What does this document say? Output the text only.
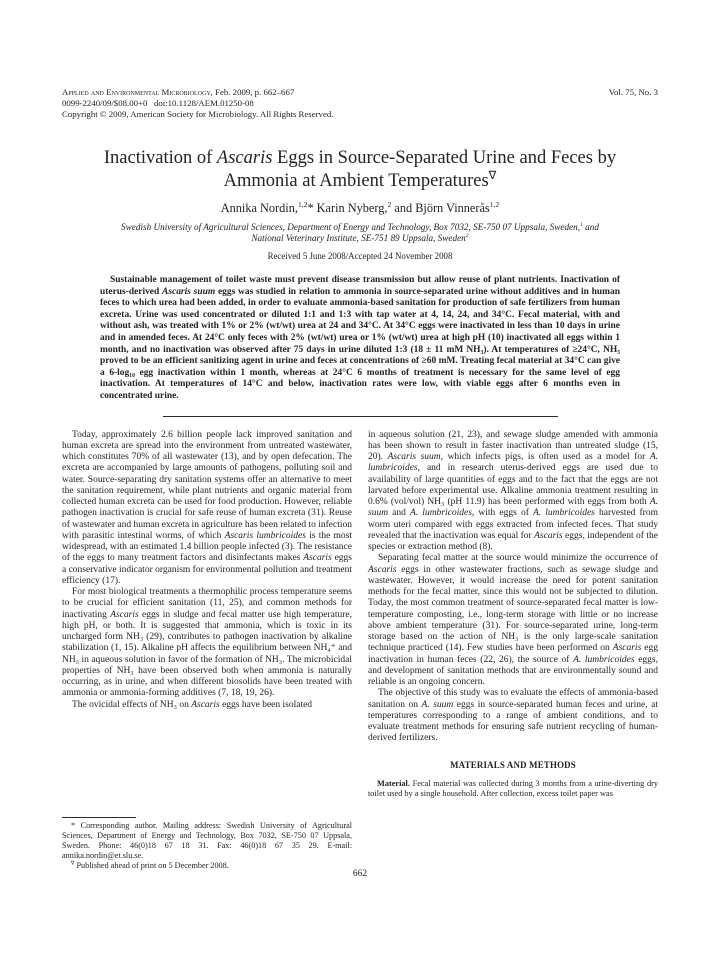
Applied and Environmental Microbiology, Feb. 2009, p. 662–667
0099-2240/09/$08.00+0   doi:10.1128/AEM.01250-08
Copyright © 2009, American Society for Microbiology. All Rights Reserved.
Vol. 75, No. 3
Inactivation of Ascaris Eggs in Source-Separated Urine and Feces by
Ammonia at Ambient Temperatures∇
Annika Nordin,$^{1,2}$* Karin Nyberg,$^2$ and Björn Vinnerås$^{1,2}$
Swedish University of Agricultural Sciences, Department of Energy and Technology, Box 7032, SE-750 07 Uppsala, Sweden,$^1$ and
National Veterinary Institute, SE-751 89 Uppsala, Sweden$^2$
Received 5 June 2008/Accepted 24 November 2008
Sustainable management of toilet waste must prevent disease transmission but allow reuse of plant nutrients. Inactivation of uterus-derived Ascaris suum eggs was studied in relation to ammonia in source-separated urine without additives and in human feces to which urea had been added, in order to evaluate ammonia-based sanitation for production of safe fertilizers from human excreta. Urine was used concentrated or diluted 1:1 and 1:3 with tap water at 4, 14, 24, and 34°C. Fecal material, with and without ash, was treated with 1% or 2% (wt/wt) urea at 24 and 34°C. At 34°C eggs were inactivated in less than 10 days in urine and in amended feces. At 24°C only feces with 2% (wt/wt) urea or 1% (wt/wt) urea at high pH (10) inactivated all eggs within 1 month, and no inactivation was observed after 75 days in urine diluted 1:3 (18 ± 11 mM NH₃). At temperatures of ≥24°C, NH₃ proved to be an efficient sanitizing agent in urine and feces at concentrations of ≥60 mM. Treating fecal material at 34°C can give a 6-log₁₀ egg inactivation within 1 month, whereas at 24°C 6 months of treatment is necessary for the same level of egg inactivation. At temperatures of 14°C and below, inactivation rates were low, with viable eggs after 6 months even in concentrated urine.

Today, approximately 2.6 billion people lack improved sanitation and human excreta are spread into the environment from untreated wastewater, which constitutes 70% of all wastewater (13), and by open defecation. The excreta are accompanied by large amounts of pathogens, polluting soil and water. Source-separating dry sanitation systems offer an alternative to meet the sanitation requirement, while plant nutrients and organic material from collected human excreta can be used for food production. However, reliable pathogen inactivation is crucial for safe reuse of human excreta (31). Reuse of wastewater and human excreta in agriculture has been related to infection with parasitic intestinal worms, of which Ascaris lumbricoides is the most widespread, with an estimated 1.4 billion people infected (3). The resistance of the eggs to many treatment factors and disinfectants makes Ascaris eggs a conservative indicator organism for environmental pollution and treatment efficiency (17).

For most biological treatments a thermophilic process temperature seems to be crucial for efficient sanitation (11, 25), and common methods for inactivating Ascaris eggs in sludge and fecal matter use high temperature, high pH, or both. It is suggested that ammonia, which is toxic in its uncharged form NH₃ (29), contributes to pathogen inactivation by alkaline stabilization (1, 15). Alkaline pH affects the equilibrium between NH₄⁺ and NH₃ in aqueous solution in favor of the formation of NH₃. The microbicidal properties of NH₃ have been observed both when ammonia is naturally occurring, as in urine, and when different biosolids have been treated with ammonia or ammonia-forming additives (7, 18, 19, 26).

The ovicidal effects of NH₃ on Ascaris eggs have been isolated

* Corresponding author. Mailing address: Swedish University of Agricultural Sciences, Department of Energy and Technology, Box 7032, SE-750 07 Uppsala, Sweden. Phone: 46(0)18 67 18 31. Fax: 46(0)18 67 35 29. E-mail: annika.nordin@et.slu.se.

∇ Published ahead of print on 5 December 2008.

in aqueous solution (21, 23), and sewage sludge amended with ammonia has been shown to result in faster inactivation than untreated sludge (15, 20). Ascaris suum, which infects pigs, is often used as a model for A. lumbricoides, and in research uterus-derived eggs are used due to availability of large quantities of eggs and to the fact that the eggs are not larvated before experimental use. Alkaline ammonia treatment resulting in 0.6% (vol/vol) NH₃ (pH 11.9) has been performed with eggs from both A. suum and A. lumbricoides, with eggs of A. lumbricoides harvested from worm uteri compared with eggs extracted from infected feces. That study revealed that the inactivation was equal for Ascaris eggs, independent of the species or extraction method (8).

Separating fecal matter at the source would minimize the occurrence of Ascaris eggs in other wastewater fractions, such as sewage sludge and wastewater. However, it would increase the need for potent sanitation methods for the fecal matter, since this would not be subjected to dilution. Today, the most common treatment of source-separated fecal matter is low-temperature composting, i.e., long-term storage with little or no increase above ambient temperature (31). For source-separated urine, long-term storage based on the action of NH₃ is the only large-scale sanitation technique practiced (14). Few studies have been performed on Ascaris egg inactivation in human feces (22, 26), the source of A. lumbricoides eggs, and development of sanitation methods that are environmentally sound and reliable is an ongoing concern.

The objective of this study was to evaluate the effects of ammonia-based sanitation on A. suum eggs in source-separated human feces and urine, at temperatures corresponding to a range of ambient conditions, and to evaluate treatment methods for ensuring safe nutrient recycling of human-derived fertilizers.

MATERIALS AND METHODS

Material. Fecal material was collected during 3 months from a urine-diverting dry toilet used by a single household. After collection, excess toilet paper was

662
